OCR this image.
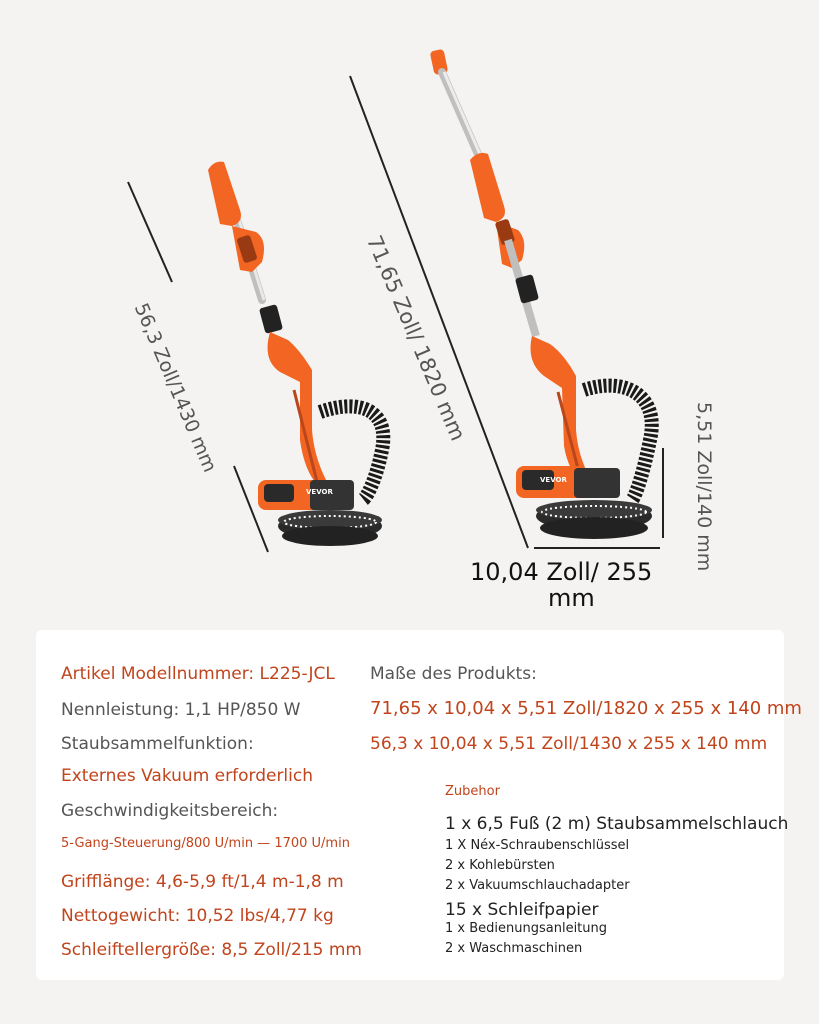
VEVOR
VEVOR
56,3 Zoll/1430 mm	71,65 Zoll/ 1820 mm
5,51 Zoll/140 mm
10,04 Zoll/ 255
mm
Artikel Modellnummer: L225-JCL
Nennleistung: 1,1 HP/850 W
Staubsammelfunktion:
Externes Vakuum erforderlich
Geschwindigkeitsbereich:
5-Gang-Steuerung/800 U/min — 1700 U/min
Grifflänge: 4,6-5,9 ft/1,4 m-1,8 m
Nettogewicht: 10,52 lbs/4,77 kg
Schleiftellergröße: 8,5 Zoll/215 mm
Maße des Produkts:
71,65 x 10,04 x 5,51 Zoll/1820 x 255 x 140 mm
56,3 x 10,04 x 5,51 Zoll/1430 x 255 x 140 mm
Zubehor
1 x 6,5 Fuß (2 m) Staubsammelschlauch
1 X Néx-Schraubenschlüssel
2 x Kohlebürsten
2 x Vakuumschlauchadapter
15 x Schleifpapier
1 x Bedienungsanleitung
2 x Waschmaschinen
